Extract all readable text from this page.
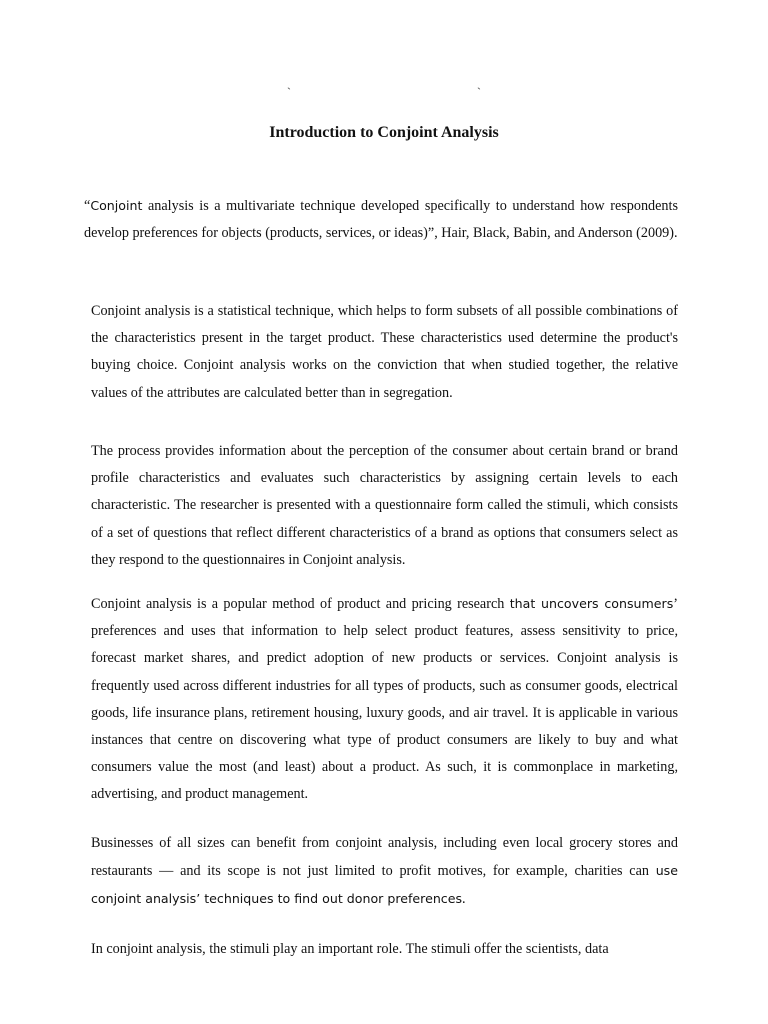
`	`
Introduction to Conjoint Analysis

“Conjoint analysis is a multivariate technique developed specifically to understand how respondents develop preferences for objects (products, services, or ideas)”, Hair, Black, Babin, and Anderson (2009).

Conjoint analysis is a statistical technique, which helps to form subsets of all possible combinations of the characteristics present in the target product. These characteristics used determine the product's buying choice. Conjoint analysis works on the conviction that when studied together, the relative values of the attributes are calculated better than in segregation.

The process provides information about the perception of the consumer about certain brand or brand profile characteristics and evaluates such characteristics by assigning certain levels to each characteristic. The researcher is presented with a questionnaire form called the stimuli, which consists of a set of questions that reflect different characteristics of a brand as options that consumers select as they respond to the questionnaires in Conjoint analysis.

Conjoint analysis is a popular method of product and pricing research that uncovers consumers’ preferences and uses that information to help select product features, assess sensitivity to price, forecast market shares, and predict adoption of new products or services. Conjoint analysis is frequently used across different industries for all types of products, such as consumer goods, electrical goods, life insurance plans, retirement housing, luxury goods, and air travel. It is applicable in various instances that centre on discovering what type of product consumers are likely to buy and what consumers value the most (and least) about a product. As such, it is commonplace in marketing, advertising, and product management.

Businesses of all sizes can benefit from conjoint analysis, including even local grocery stores and restaurants — and its scope is not just limited to profit motives, for example, charities can use conjoint analysis’ techniques to find out donor preferences.

In conjoint analysis, the stimuli play an important role. The stimuli offer the scientists, data
